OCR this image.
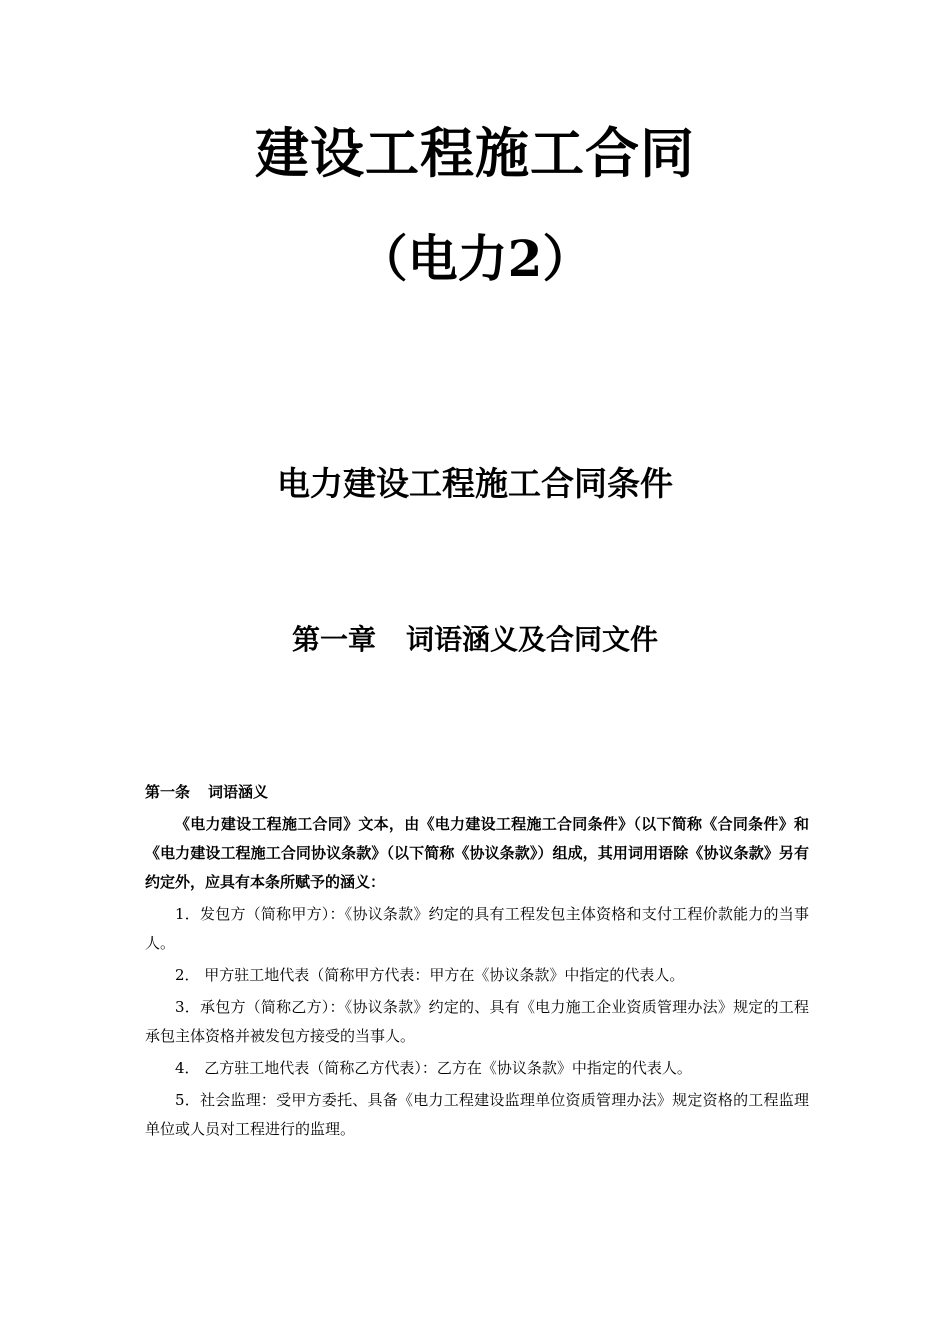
建设工程施工合同
（电力2）
电力建设工程施工合同条件
第一章 词语涵义及合同文件

第一条 词语涵义

《电力建设工程施工合同》文本，由《电力建设工程施工合同条件》（以下简称《合同条件》和《电力建设工程施工合同协议条款》（以下简称《协议条款》）组成，其用词用语除《协议条款》另有约定外，应具有本条所赋予的涵义：

1．发包方（简称甲方）：《协议条款》约定的具有工程发包主体资格和支付工程价款能力的当事人。

2． 甲方驻工地代表（简称甲方代表：甲方在《协议条款》中指定的代表人。

3．承包方（简称乙方）：《协议条款》约定的、具有《电力施工企业资质管理办法》规定的工程承包主体资格并被发包方接受的当事人。

4． 乙方驻工地代表（简称乙方代表）：乙方在《协议条款》中指定的代表人。

5．社会监理：受甲方委托、具备《电力工程建设监理单位资质管理办法》规定资格的工程监理单位或人员对工程进行的监理。
